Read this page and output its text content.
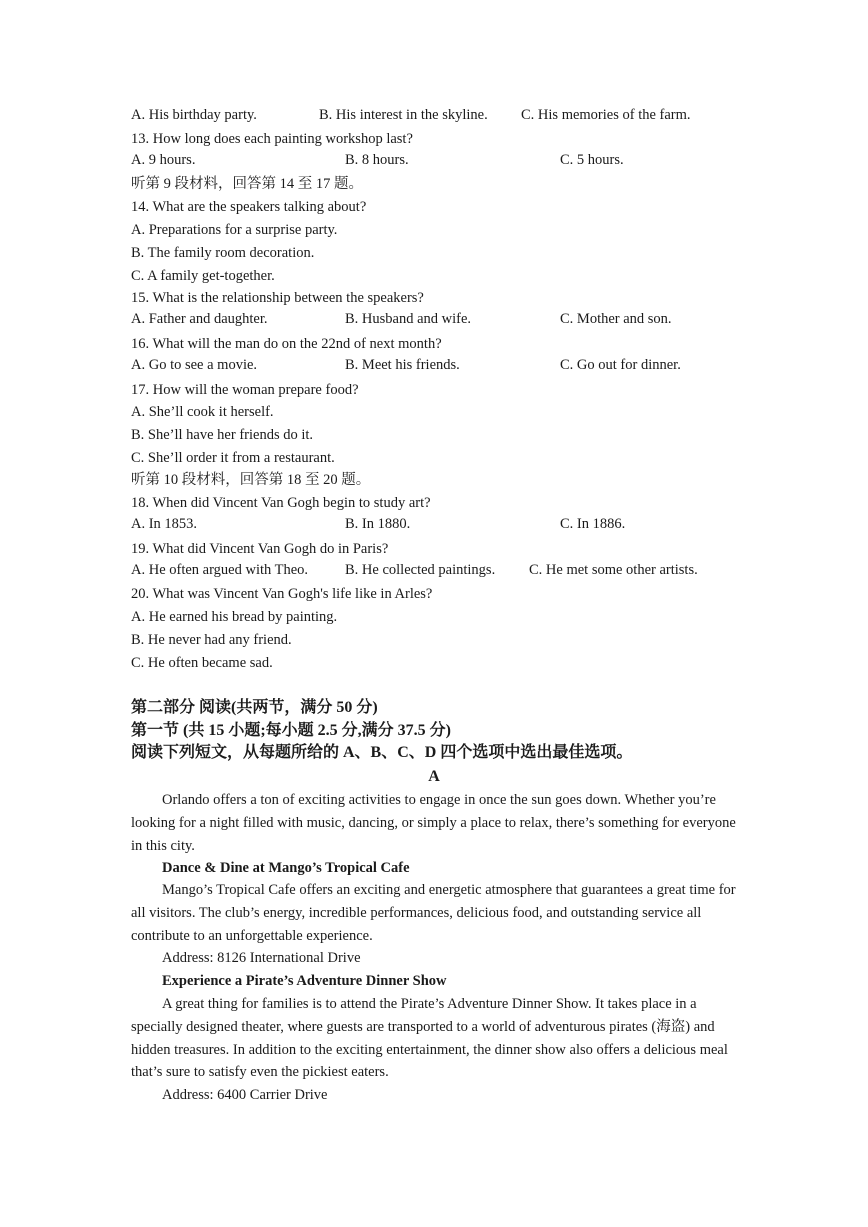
A. His birthday party.	B. His interest in the skyline. C. His memories of the farm.
13. How long does each painting workshop last?
A. 9 hours.	B. 8 hours.	C. 5 hours.
听第 9 段材料，回答第 14 至 17 题。
14. What are the speakers talking about?
A. Preparations for a surprise party.
B. The family room decoration.
C. A family get-together.
15. What is the relationship between the speakers?
A. Father and daughter.	B. Husband and wife.	C. Mother and son.
16. What will the man do on the 22nd of next month?
A. Go to see a movie.	B. Meet his friends.	C. Go out for dinner.
17. How will the woman prepare food?
A. She’ll cook it herself.
B. She’ll have her friends do it.
C. She’ll order it from a restaurant.
听第 10 段材料，回答第 18 至 20 题。
18. When did Vincent Van Gogh begin to study art?
A. In 1853.	B. In 1880.	C. In 1886.
19. What did Vincent Van Gogh do in Paris?
A. He often argued with Theo.	B. He collected paintings. C. He met some other artists.
20. What was Vincent Van Gogh's life like in Arles?
A. He earned his bread by painting.
B. He never had any friend.
C. He often became sad.
第二部分 阅读(共两节，满分 50 分)
第一节 (共 15 小题;每小题 2.5 分,满分 37.5 分)
阅读下列短文，从每题所给的 A、B、C、D 四个选项中选出最佳选项。
A
Orlando offers a ton of exciting activities to engage in once the sun goes down. Whether you’re looking for a night filled with music, dancing, or simply a place to relax, there’s something for everyone in this city.
Dance & Dine at Mango’s Tropical Cafe
Mango’s Tropical Cafe offers an exciting and energetic atmosphere that guarantees a great time for all visitors. The club’s energy, incredible performances, delicious food, and outstanding service all contribute to an unforgettable experience.
Address: 8126 International Drive
Experience a Pirate’s Adventure Dinner Show
A great thing for families is to attend the Pirate’s Adventure Dinner Show. It takes place in a specially designed theater, where guests are transported to a world of adventurous pirates (海盗) and hidden treasures. In addition to the exciting entertainment, the dinner show also offers a delicious meal that’s sure to satisfy even the pickiest eaters.
Address: 6400 Carrier Drive
